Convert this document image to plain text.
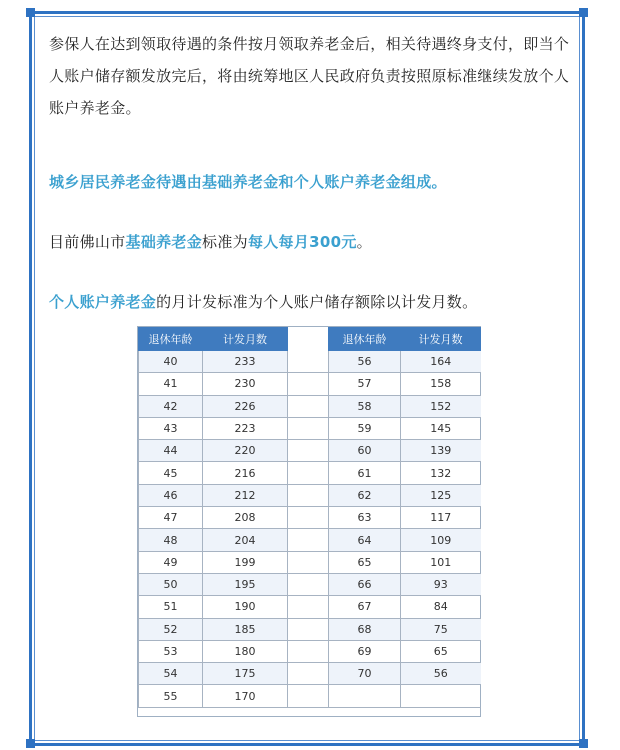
参保人在达到领取待遇的条件按月领取养老金后，相关待遇终身支付，即当个人账户储存额发放完后，将由统筹地区人民政府负责按照原标准继续发放个人账户养老金。

城乡居民养老金待遇由基础养老金和个人账户养老金组成。

目前佛山市基础养老金标准为每人每月300元。

个人账户养老金的月计发标准为个人账户储存额除以计发月数。

退休年龄	计发月数		退休年龄	计发月数
40	233		56	164
41	230		57	158
42	226		58	152
43	223		59	145
44	220		60	139
45	216		61	132
46	212		62	125
47	208		63	117
48	204		64	109
49	199		65	101
50	195		66	93
51	190		67	84
52	185		68	75
53	180		69	65
54	175		70	56
55	170			
